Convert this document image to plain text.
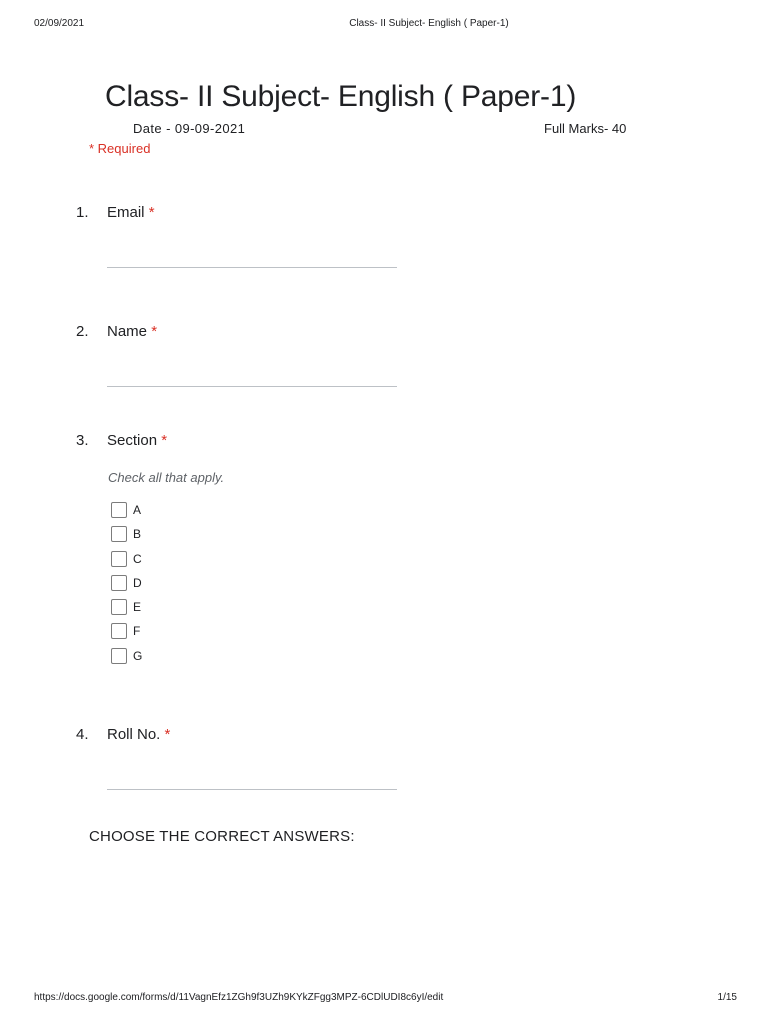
02/09/2021	Class- II Subject- English ( Paper-1)
Class- II Subject- English ( Paper-1)
Date - 09-09-2021	Full Marks- 40
* Required
1. Email *
2. Name *
3. Section *
Check all that apply.
A
B
C
D
E
F
G
4. Roll No. *
CHOOSE THE CORRECT ANSWERS:
https://docs.google.com/forms/d/11VagnEfz1ZGh9f3UZh9KYkZFgg3MPZ-6CDlUDI8c6yI/edit	1/15
